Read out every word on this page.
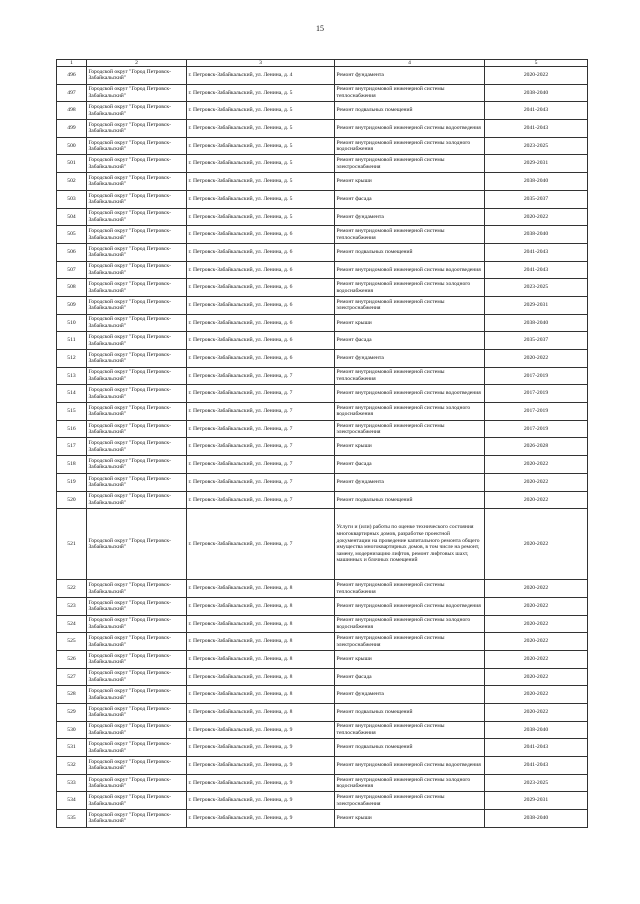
15
1	2	3	4	5
496	Городской округ "Город Петровск-Забайкальский"	г. Петровск-Забайкальский, ул. Ленина, д. 4	Ремонт фундамента	2020-2022
497	Городской округ "Город Петровск-Забайкальский"	г. Петровск-Забайкальский, ул. Ленина, д. 5	Ремонт внутридомовой инженерной системы теплоснабжения	2038-2040
498	Городской округ "Город Петровск-Забайкальский"	г. Петровск-Забайкальский, ул. Ленина, д. 5	Ремонт подвальных помещений	2041-2043
499	Городской округ "Город Петровск-Забайкальский"	г. Петровск-Забайкальский, ул. Ленина, д. 5	Ремонт внутридомовой инженерной системы водоотведения	2041-2043
500	Городской округ "Город Петровск-Забайкальский"	г. Петровск-Забайкальский, ул. Ленина, д. 5	Ремонт внутридомовой инженерной системы холодного водоснабжения	2023-2025
501	Городской округ "Город Петровск-Забайкальский"	г. Петровск-Забайкальский, ул. Ленина, д. 5	Ремонт внутридомовой инженерной системы электроснабжения	2029-2031
502	Городской округ "Город Петровск-Забайкальский"	г. Петровск-Забайкальский, ул. Ленина, д. 5	Ремонт крыши	2038-2040
503	Городской округ "Город Петровск-Забайкальский"	г. Петровск-Забайкальский, ул. Ленина, д. 5	Ремонт фасада	2035-2037
504	Городской округ "Город Петровск-Забайкальский"	г. Петровск-Забайкальский, ул. Ленина, д. 5	Ремонт фундамента	2020-2022
505	Городской округ "Город Петровск-Забайкальский"	г. Петровск-Забайкальский, ул. Ленина, д. 6	Ремонт внутридомовой инженерной системы теплоснабжения	2038-2040
506	Городской округ "Город Петровск-Забайкальский"	г. Петровск-Забайкальский, ул. Ленина, д. 6	Ремонт подвальных помещений	2041-2043
507	Городской округ "Город Петровск-Забайкальский"	г. Петровск-Забайкальский, ул. Ленина, д. 6	Ремонт внутридомовой инженерной системы водоотведения	2041-2043
508	Городской округ "Город Петровск-Забайкальский"	г. Петровск-Забайкальский, ул. Ленина, д. 6	Ремонт внутридомовой инженерной системы холодного водоснабжения	2023-2025
509	Городской округ "Город Петровск-Забайкальский"	г. Петровск-Забайкальский, ул. Ленина, д. 6	Ремонт внутридомовой инженерной системы электроснабжения	2029-2031
510	Городской округ "Город Петровск-Забайкальский"	г. Петровск-Забайкальский, ул. Ленина, д. 6	Ремонт крыши	2038-2040
511	Городской округ "Город Петровск-Забайкальский"	г. Петровск-Забайкальский, ул. Ленина, д. 6	Ремонт фасада	2035-2037
512	Городской округ "Город Петровск-Забайкальский"	г. Петровск-Забайкальский, ул. Ленина, д. 6	Ремонт фундамента	2020-2022
513	Городской округ "Город Петровск-Забайкальский"	г. Петровск-Забайкальский, ул. Ленина, д. 7	Ремонт внутридомовой инженерной системы теплоснабжения	2017-2019
514	Городской округ "Город Петровск-Забайкальский"	г. Петровск-Забайкальский, ул. Ленина, д. 7	Ремонт внутридомовой инженерной системы водоотведения	2017-2019
515	Городской округ "Город Петровск-Забайкальский"	г. Петровск-Забайкальский, ул. Ленина, д. 7	Ремонт внутридомовой инженерной системы холодного водоснабжения	2017-2019
516	Городской округ "Город Петровск-Забайкальский"	г. Петровск-Забайкальский, ул. Ленина, д. 7	Ремонт внутридомовой инженерной системы электроснабжения	2017-2019
517	Городской округ "Город Петровск-Забайкальский"	г. Петровск-Забайкальский, ул. Ленина, д. 7	Ремонт крыши	2026-2028
518	Городской округ "Город Петровск-Забайкальский"	г. Петровск-Забайкальский, ул. Ленина, д. 7	Ремонт фасада	2020-2022
519	Городской округ "Город Петровск-Забайкальский"	г. Петровск-Забайкальский, ул. Ленина, д. 7	Ремонт фундамента	2020-2022
520	Городской округ "Город Петровск-Забайкальский"	г. Петровск-Забайкальский, ул. Ленина, д. 7	Ремонт подвальных помещений	2020-2022
521	Городской округ "Город Петровск-Забайкальский"	г. Петровск-Забайкальский, ул. Ленина, д. 7	Услуги и (или) работы по оценке технического состояния многоквартирных домов, разработке проектной документации на проведение капитального ремонта общего имущества многоквартирных домов, в том числе на ремонт, замену, модернизацию лифтов, ремонт лифтовых шахт, машинных и блочных помещений	2020-2022
522	Городской округ "Город Петровск-Забайкальский"	г. Петровск-Забайкальский, ул. Ленина, д. 8	Ремонт внутридомовой инженерной системы теплоснабжения	2020-2022
523	Городской округ "Город Петровск-Забайкальский"	г. Петровск-Забайкальский, ул. Ленина, д. 8	Ремонт внутридомовой инженерной системы водоотведения	2020-2022
524	Городской округ "Город Петровск-Забайкальский"	г. Петровск-Забайкальский, ул. Ленина, д. 8	Ремонт внутридомовой инженерной системы холодного водоснабжения	2020-2022
525	Городской округ "Город Петровск-Забайкальский"	г. Петровск-Забайкальский, ул. Ленина, д. 8	Ремонт внутридомовой инженерной системы электроснабжения	2020-2022
526	Городской округ "Город Петровск-Забайкальский"	г. Петровск-Забайкальский, ул. Ленина, д. 8	Ремонт крыши	2020-2022
527	Городской округ "Город Петровск-Забайкальский"	г. Петровск-Забайкальский, ул. Ленина, д. 8	Ремонт фасада	2020-2022
528	Городской округ "Город Петровск-Забайкальский"	г. Петровск-Забайкальский, ул. Ленина, д. 8	Ремонт фундамента	2020-2022
529	Городской округ "Город Петровск-Забайкальский"	г. Петровск-Забайкальский, ул. Ленина, д. 8	Ремонт подвальных помещений	2020-2022
530	Городской округ "Город Петровск-Забайкальский"	г. Петровск-Забайкальский, ул. Ленина, д. 9	Ремонт внутридомовой инженерной системы теплоснабжения	2038-2040
531	Городской округ "Город Петровск-Забайкальский"	г. Петровск-Забайкальский, ул. Ленина, д. 9	Ремонт подвальных помещений	2041-2043
532	Городской округ "Город Петровск-Забайкальский"	г. Петровск-Забайкальский, ул. Ленина, д. 9	Ремонт внутридомовой инженерной системы водоотведения	2041-2043
533	Городской округ "Город Петровск-Забайкальский"	г. Петровск-Забайкальский, ул. Ленина, д. 9	Ремонт внутридомовой инженерной системы холодного водоснабжения	2023-2025
534	Городской округ "Город Петровск-Забайкальский"	г. Петровск-Забайкальский, ул. Ленина, д. 9	Ремонт внутридомовой инженерной системы электроснабжения	2029-2031
535	Городской округ "Город Петровск-Забайкальский"	г. Петровск-Забайкальский, ул. Ленина, д. 9	Ремонт крыши	2038-2040
